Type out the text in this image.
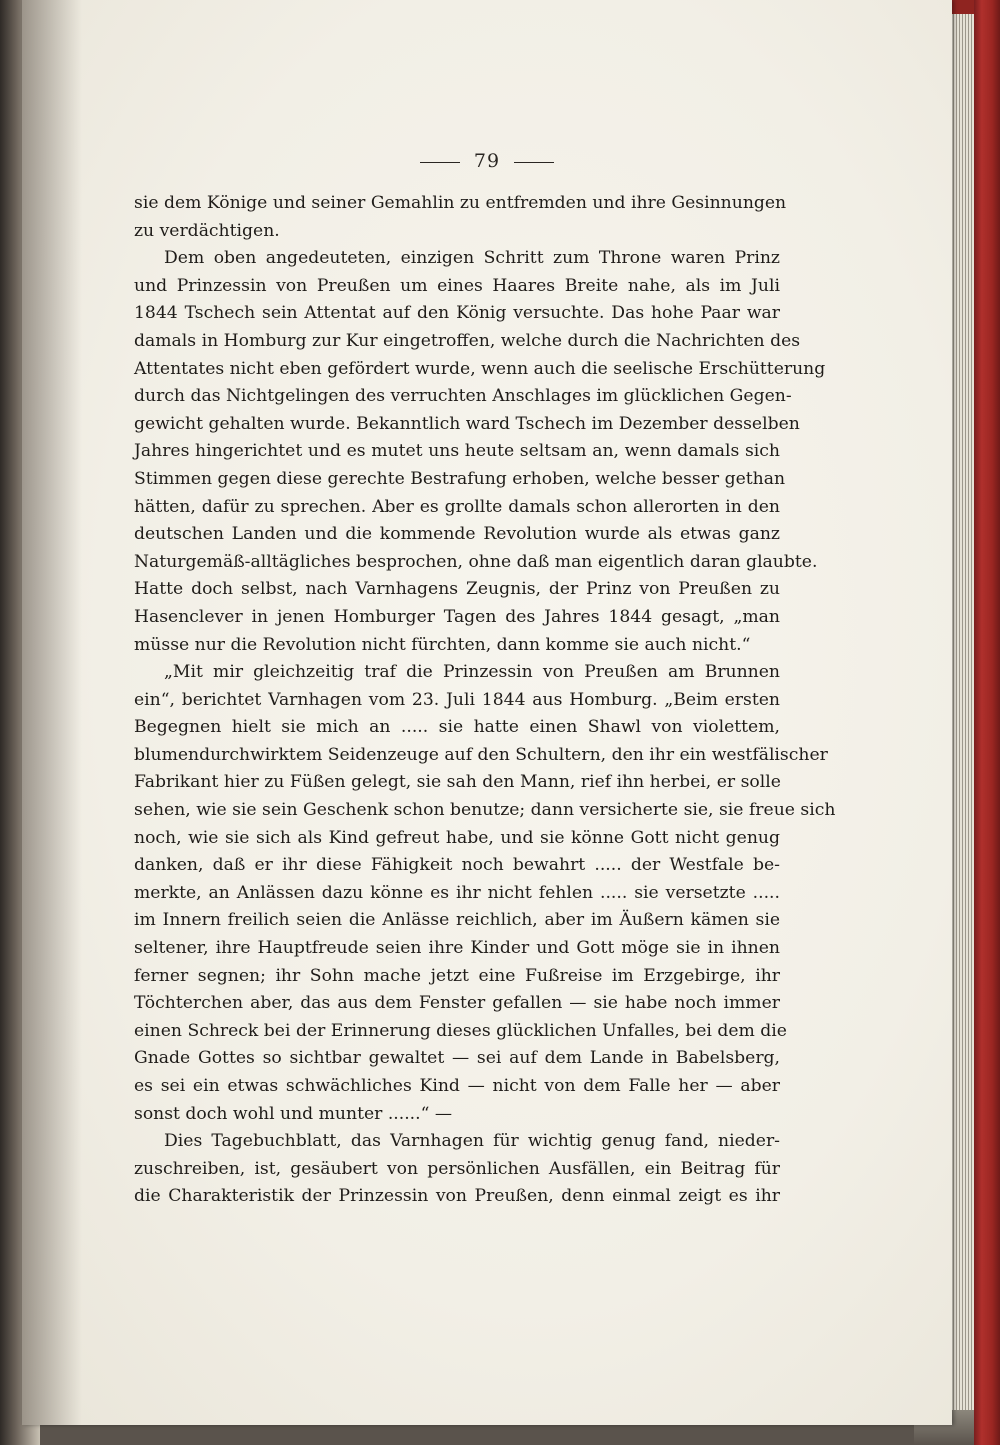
79
sie dem Könige und seiner Gemahlin zu entfremden und ihre Gesinnungen
zu verdächtigen.
Dem oben angedeuteten, einzigen Schritt zum Throne waren Prinz
und Prinzessin von Preußen um eines Haares Breite nahe, als im Juli
1844 Tschech sein Attentat auf den König versuchte. Das hohe Paar war
damals in Homburg zur Kur eingetroffen, welche durch die Nachrichten des
Attentates nicht eben gefördert wurde, wenn auch die seelische Erschütterung
durch das Nichtgelingen des verruchten Anschlages im glücklichen Gegen-
gewicht gehalten wurde. Bekanntlich ward Tschech im Dezember desselben
Jahres hingerichtet und es mutet uns heute seltsam an, wenn damals sich
Stimmen gegen diese gerechte Bestrafung erhoben, welche besser gethan
hätten, dafür zu sprechen. Aber es grollte damals schon allerorten in den
deutschen Landen und die kommende Revolution wurde als etwas ganz
Naturgemäß-alltägliches besprochen, ohne daß man eigentlich daran glaubte.
Hatte doch selbst, nach Varnhagens Zeugnis, der Prinz von Preußen zu
Hasenclever in jenen Homburger Tagen des Jahres 1844 gesagt, „man
müsse nur die Revolution nicht fürchten, dann komme sie auch nicht.“
„Mit mir gleichzeitig traf die Prinzessin von Preußen am Brunnen
ein“, berichtet Varnhagen vom 23. Juli 1844 aus Homburg. „Beim ersten
Begegnen hielt sie mich an ..... sie hatte einen Shawl von violettem,
blumendurchwirktem Seidenzeuge auf den Schultern, den ihr ein westfälischer
Fabrikant hier zu Füßen gelegt, sie sah den Mann, rief ihn herbei, er solle
sehen, wie sie sein Geschenk schon benutze; dann versicherte sie, sie freue sich
noch, wie sie sich als Kind gefreut habe, und sie könne Gott nicht genug
danken, daß er ihr diese Fähigkeit noch bewahrt ..... der Westfale be-
merkte, an Anlässen dazu könne es ihr nicht fehlen ..... sie versetzte .....
im Innern freilich seien die Anlässe reichlich, aber im Äußern kämen sie
seltener, ihre Hauptfreude seien ihre Kinder und Gott möge sie in ihnen
ferner segnen; ihr Sohn mache jetzt eine Fußreise im Erzgebirge, ihr
Töchterchen aber, das aus dem Fenster gefallen — sie habe noch immer
einen Schreck bei der Erinnerung dieses glücklichen Unfalles, bei dem die
Gnade Gottes so sichtbar gewaltet — sei auf dem Lande in Babelsberg,
es sei ein etwas schwächliches Kind — nicht von dem Falle her — aber
sonst doch wohl und munter ......“ —
Dies Tagebuchblatt, das Varnhagen für wichtig genug fand, nieder-
zuschreiben, ist, gesäubert von persönlichen Ausfällen, ein Beitrag für
die Charakteristik der Prinzessin von Preußen, denn einmal zeigt es ihr
